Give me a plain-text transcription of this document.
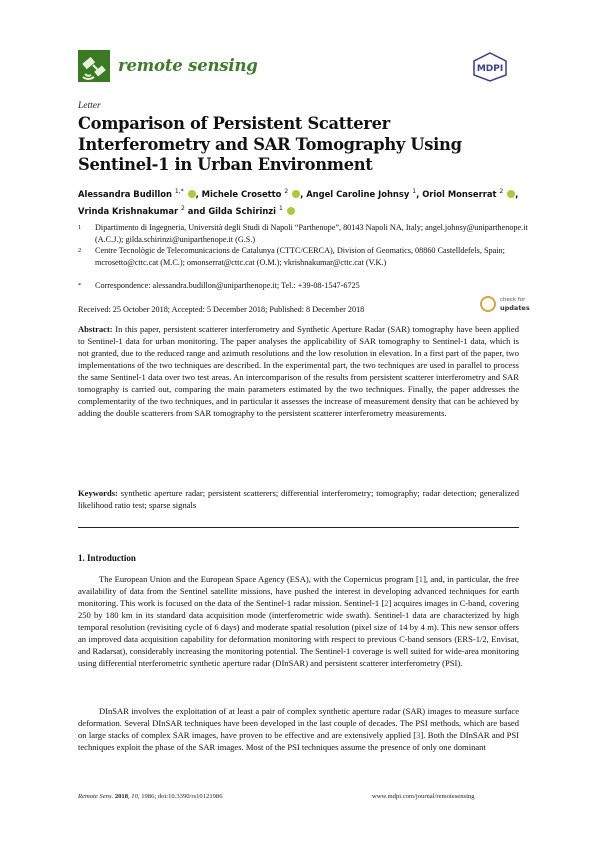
remote sensing	MDPI
Letter
Comparison of Persistent Scatterer Interferometry and SAR Tomography Using Sentinel-1 in Urban Environment
Alessandra Budillon $^{1,*}$ , Michele Crosetto $^2$ , Angel Caroline Johnsy $^1$, Oriol Monserrat $^2$ ,
Vrinda Krishnakumar $^2$ and Gilda Schirinzi $^1$
1 Dipartimento di Ingegneria, Università degli Studi di Napoli “Parthenope”, 80143 Napoli NA, Italy; angel.johnsy@uniparthenope.it (A.C.J.); gilda.schirinzi@uniparthenope.it (G.S.)
2 Centre Tecnològic de Telecomunicacions de Catalunya (CTTC/CERCA), Division of Geomatics, 08860 Castelldefels, Spain; mcrosetto@cttc.cat (M.C.); omonserrat@cttc.cat (O.M.); vkrishnakumar@cttc.cat (V.K.)
* Correspondence: alessandra.budillon@uniparthenope.it; Tel.: +39-08-1547-6725
Received: 25 October 2018; Accepted: 5 December 2018; Published: 8 December 2018
check for
updates
Abstract: In this paper, persistent scatterer interferometry and Synthetic Aperture Radar (SAR) tomography have been applied to Sentinel-1 data for urban monitoring. The paper analyses the applicability of SAR tomography to Sentinel-1 data, which is not granted, due to the reduced range and azimuth resolutions and the low resolution in elevation. In a first part of the paper, two implementations of the two techniques are described. In the experimental part, the two techniques are used in parallel to process the same Sentinel-1 data over two test areas. An intercomparison of the results from persistent scatterer interferometry and SAR tomography is carried out, comparing the main parameters estimated by the two techniques. Finally, the paper addresses the complementarity of the two techniques, and in particular it assesses the increase of measurement density that can be achieved by adding the double scatterers from SAR tomography to the persistent scatterer interferometry measurements.
Keywords: synthetic aperture radar; persistent scatterers; differential interferometry; tomography; radar detection; generalized likelihood ratio test; sparse signals
1. Introduction
The European Union and the European Space Agency (ESA), with the Copernicus program [1], and, in particular, the free availability of data from the Sentinel satellite missions, have pushed the interest in developing advanced techniques for earth monitoring. This work is focused on the data of the Sentinel-1 radar mission. Sentinel-1 [2] acquires images in C-band, covering 250 by 180 km in its standard data acquisition mode (interferometric wide swath). Sentinel-1 data are characterized by high temporal resolution (revisiting cycle of 6 days) and moderate spatial resolution (pixel size of 14 by 4 m). This new sensor offers an improved data acquisition capability for deformation monitoring with respect to previous C-band sensors (ERS-1/2, Envisat, and Radarsat), considerably increasing the monitoring potential. The Sentinel-1 coverage is well suited for wide-area monitoring using differential nterferometric synthetic aperture radar (DInSAR) and persistent scatterer interferometry (PSI).
DInSAR involves the exploitation of at least a pair of complex synthetic aperture radar (SAR) images to measure surface deformation. Several DInSAR techniques have been developed in the last couple of decades. The PSI methods, which are based on large stacks of complex SAR images, have proven to be effective and are extensively applied [3]. Both the DInSAR and PSI techniques exploit the phase of the SAR images. Most of the PSI techniques assume the presence of only one dominant
Remote Sens. 2018, 10, 1986; doi:10.3390/rs10121986	www.mdpi.com/journal/remotesensing
